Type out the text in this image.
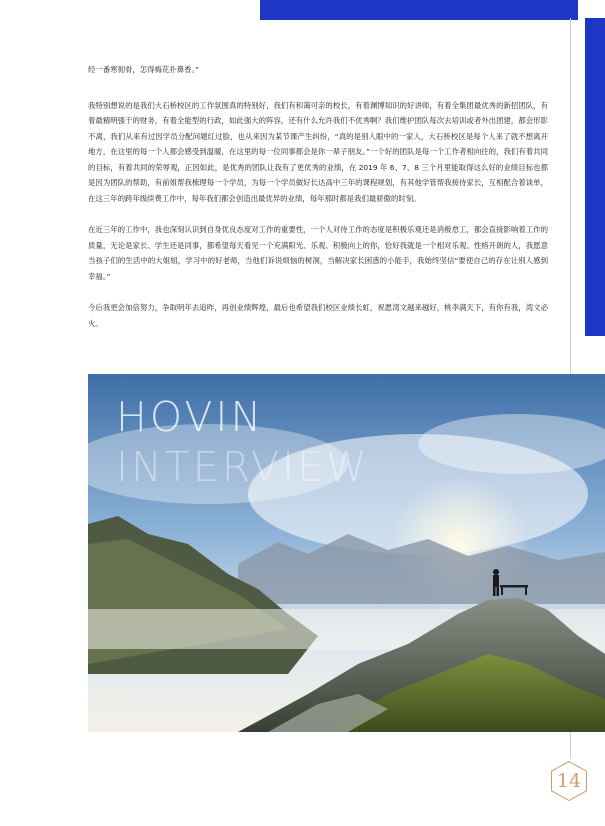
经一番寒彻骨，怎得梅花扑鼻香。”

我特别想说的是我们大石桥校区的工作氛围真的特别好，我们有和蔼可亲的校长，有着渊博知识的好讲师，有着全集团最优秀的新招团队，有着最精明强干的财务，有着全能型的行政，如此强大的阵容，还有什么允许我们不优秀啊？我们维护团队每次去培训或者外出团建，都会形影不离，我们从来有过因学员分配问题红过脸，也从来因为某节课产生纠纷，“真的是别人眼中的一家人，大石桥校区是每个人来了就不想离开地方，在这里的每一个人都会感受到温暖，在这里的每一位同事都会是你一辈子朋友。”一个好的团队是每一个工作者相向往的，我们有着共同的目标，有着共同的荣辱观，正因如此，是优秀的团队让我有了更优秀的业绩，在 2019 年 6、7、8 三个月里能取得这么好的业绩目标也都是因为团队的帮助，有前姐帮我梳理每一个学员，为每一个学员做好长达高中三年的课程规划，有其他学管帮我接待家长，互相配合着谈单，在这三年的跨年级续费工作中，每年我们都会创造出最优异的业绩，每年那时都是我们最骄傲的时刻。

在近三年的工作中，我也深刻认识到自身优良态度对工作的重要性，一个人对待工作的态度是积极乐观还是消极怠工，都会直接影响着工作的质量，无论是家长、学生还是同事，都希望每天看见一个充满阳光、乐观、积极向上的你，恰好我就是一个相对乐观、性格开朗的人，我愿意当孩子们的生活中的大姐姐，学习中的好老师，当他们诉说烦恼的树洞，当解决家长困惑的小能手，我始终坚信“要使自己的存在让别人感到幸福。”

今后我更会加倍努力，争取明年去追昨，再创业绩辉煌，最后也希望我们校区业绩长虹，祝愿湾文越来越好，桃李满天下，有你有我，湾文必火。

HOVIN
INTERVIEW
14
